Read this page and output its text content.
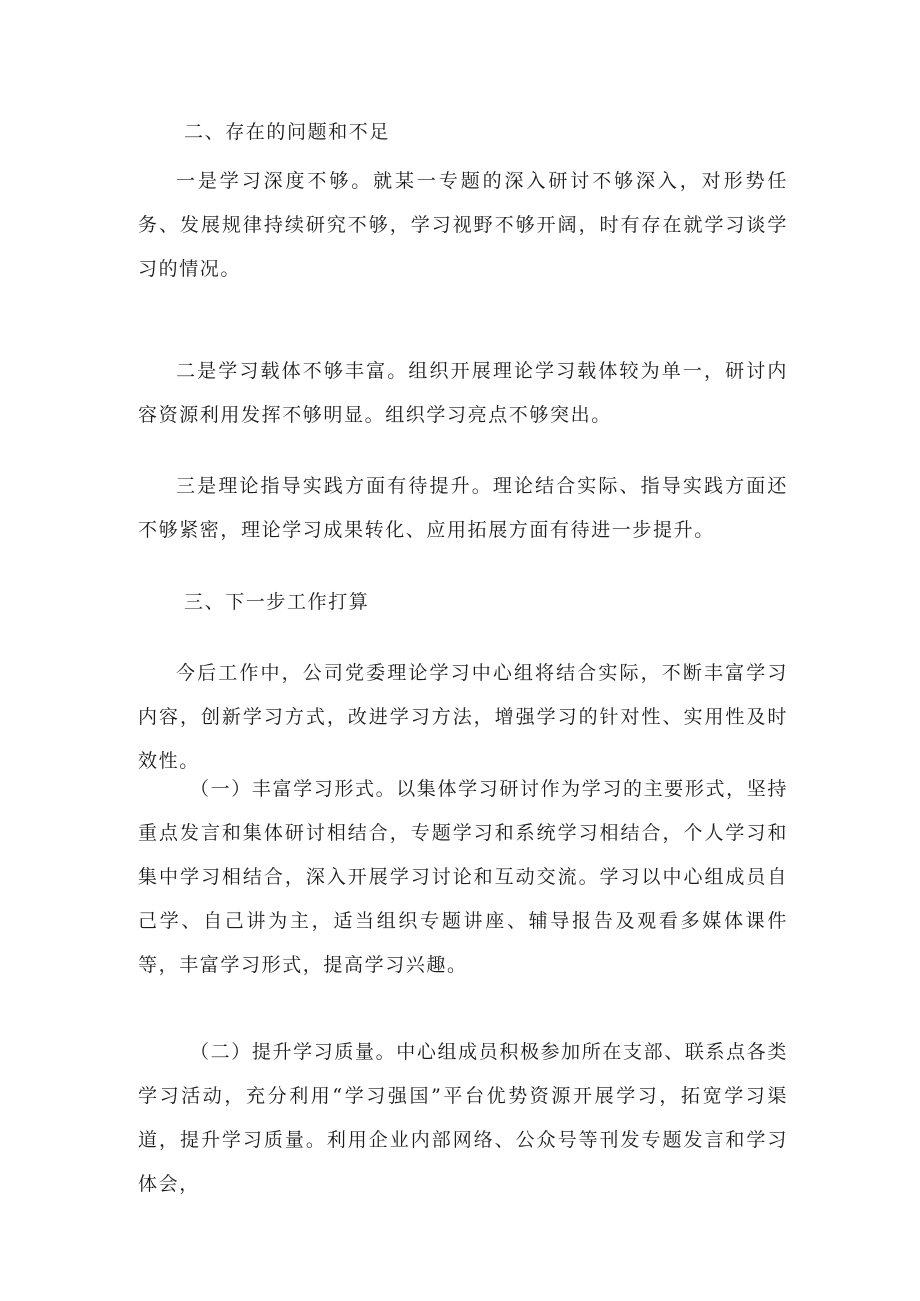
二、存在的问题和不足

一是学习深度不够。就某一专题的深入研讨不够深入，对形势任务、发展规律持续研究不够，学习视野不够开阔，时有存在就学习谈学习的情况。

二是学习载体不够丰富。组织开展理论学习载体较为单一，研讨内容资源利用发挥不够明显。组织学习亮点不够突出。

三是理论指导实践方面有待提升。理论结合实际、指导实践方面还不够紧密，理论学习成果转化、应用拓展方面有待进一步提升。

三、下一步工作打算

今后工作中，公司党委理论学习中心组将结合实际，不断丰富学习内容，创新学习方式，改进学习方法，增强学习的针对性、实用性及时效性。

（一）丰富学习形式。以集体学习研讨作为学习的主要形式，坚持重点发言和集体研讨相结合，专题学习和系统学习相结合，个人学习和集中学习相结合，深入开展学习讨论和互动交流。学习以中心组成员自己学、自己讲为主，适当组织专题讲座、辅导报告及观看多媒体课件等，丰富学习形式，提高学习兴趣。

（二）提升学习质量。中心组成员积极参加所在支部、联系点各类学习活动，充分利用“学习强国”平台优势资源开展学习，拓宽学习渠道，提升学习质量。利用企业内部网络、公众号等刊发专题发言和学习体会，
